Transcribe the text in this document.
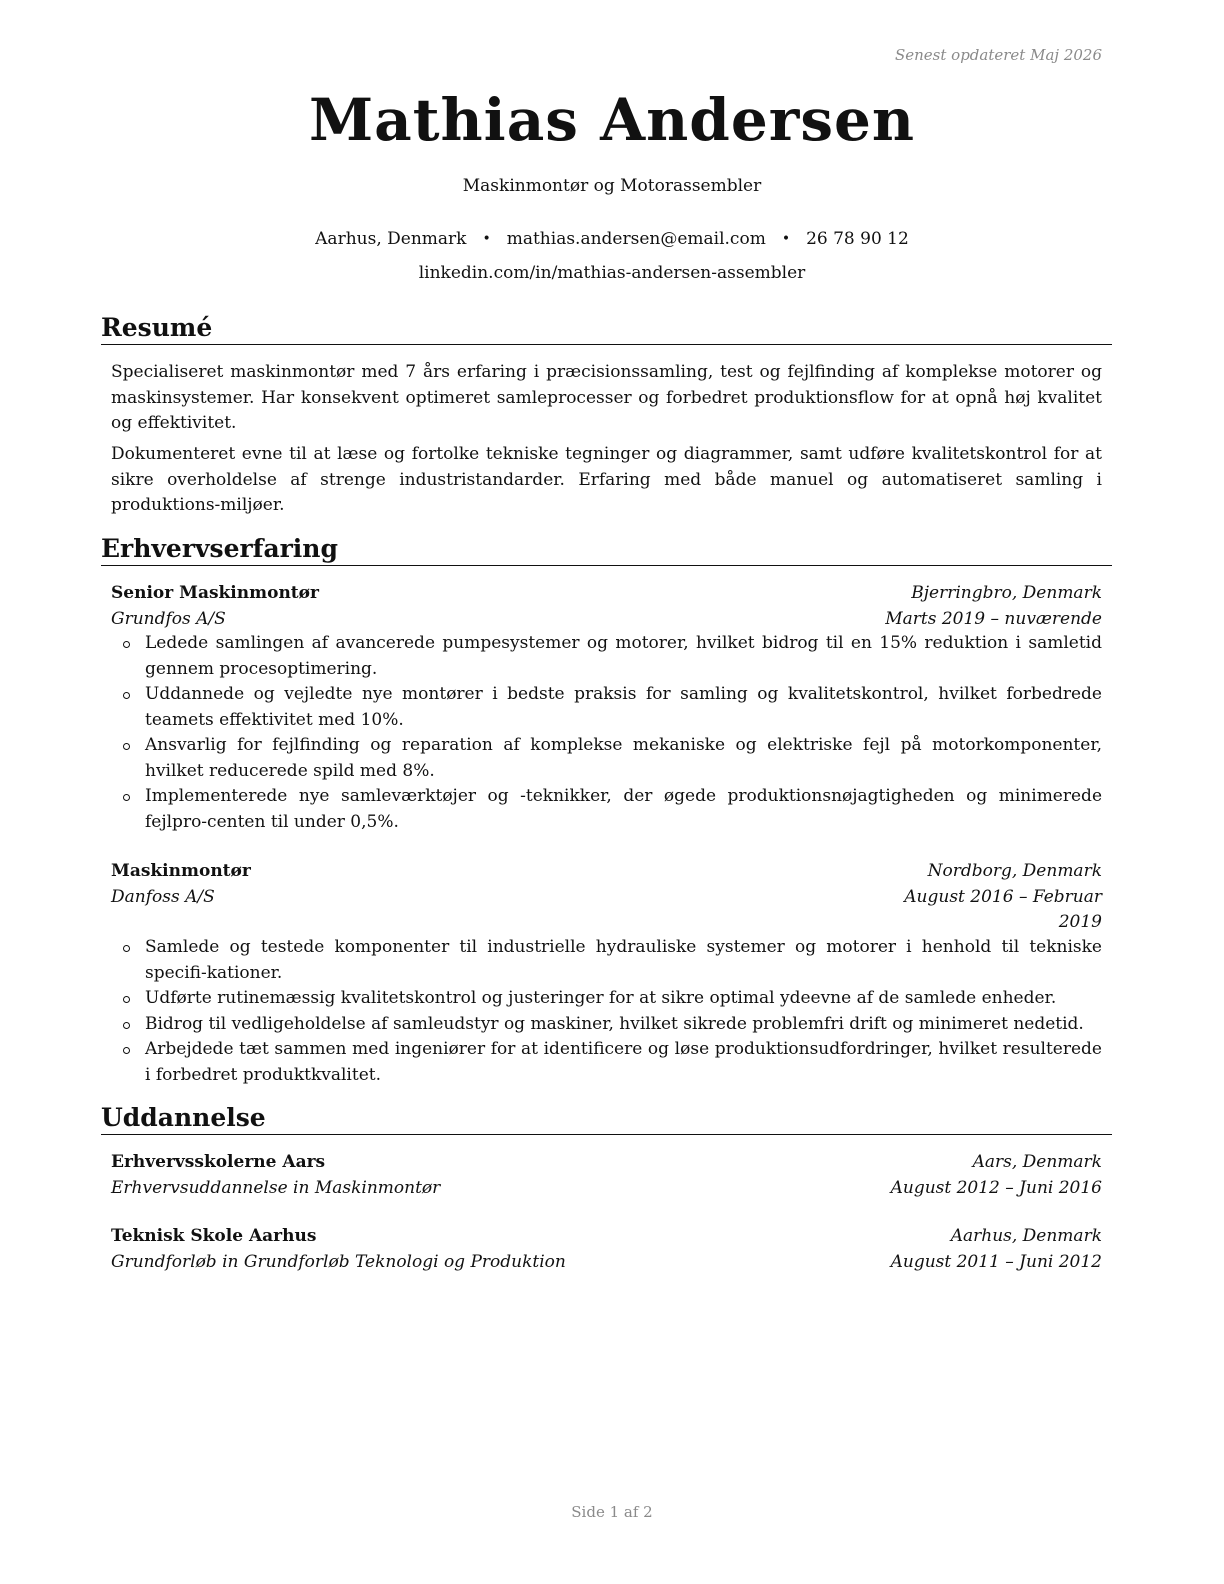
Senest opdateret Maj 2026
Mathias Andersen
Maskinmontør og Motorassembler
Aarhus, Denmark • mathias.andersen@email.com • 26 78 90 12
linkedin.com/in/mathias-andersen-assembler
Resumé

Specialiseret maskinmontør med 7 års erfaring i præcisionssamling, test og fejlfinding af komplekse motorer og maskinsystemer. Har konsekvent optimeret samleprocesser og forbedret produktionsflow for at opnå høj kvalitet og effektivitet.

Dokumenteret evne til at læse og fortolke tekniske tegninger og diagrammer, samt udføre kvalitetskontrol for at sikre overholdelse af strenge industristandarder. Erfaring med både manuel og automatiseret samling i produktions-miljøer.

Erhvervserfaring
Senior Maskinmontør	Bjerringbro, Denmark
Grundfos A/S	Marts 2019 – nuværende
Ledede samlingen af avancerede pumpesystemer og motorer, hvilket bidrog til en 15% reduktion i samletid gennem procesoptimering.
Uddannede og vejledte nye montører i bedste praksis for samling og kvalitetskontrol, hvilket forbedrede teamets effektivitet med 10%.
Ansvarlig for fejlfinding og reparation af komplekse mekaniske og elektriske fejl på motorkomponenter, hvilket reducerede spild med 8%.
Implementerede nye samleværktøjer og -teknikker, der øgede produktionsnøjagtigheden og minimerede fejlpro-centen til under 0,5%.
Maskinmontør	Nordborg, Denmark
Danfoss A/S	August 2016 – Februar
2019
Samlede og testede komponenter til industrielle hydrauliske systemer og motorer i henhold til tekniske specifi-kationer.
Udførte rutinemæssig kvalitetskontrol og justeringer for at sikre optimal ydeevne af de samlede enheder.
Bidrog til vedligeholdelse af samleudstyr og maskiner, hvilket sikrede problemfri drift og minimeret nedetid.
Arbejdede tæt sammen med ingeniører for at identificere og løse produktionsudfordringer, hvilket resulterede i forbedret produktkvalitet.
Uddannelse
Erhvervsskolerne Aars	Aars, Denmark
Erhvervsuddannelse in Maskinmontør	August 2012 – Juni 2016
Teknisk Skole Aarhus	Aarhus, Denmark
Grundforløb in Grundforløb Teknologi og Produktion	August 2011 – Juni 2012
Side 1 af 2
